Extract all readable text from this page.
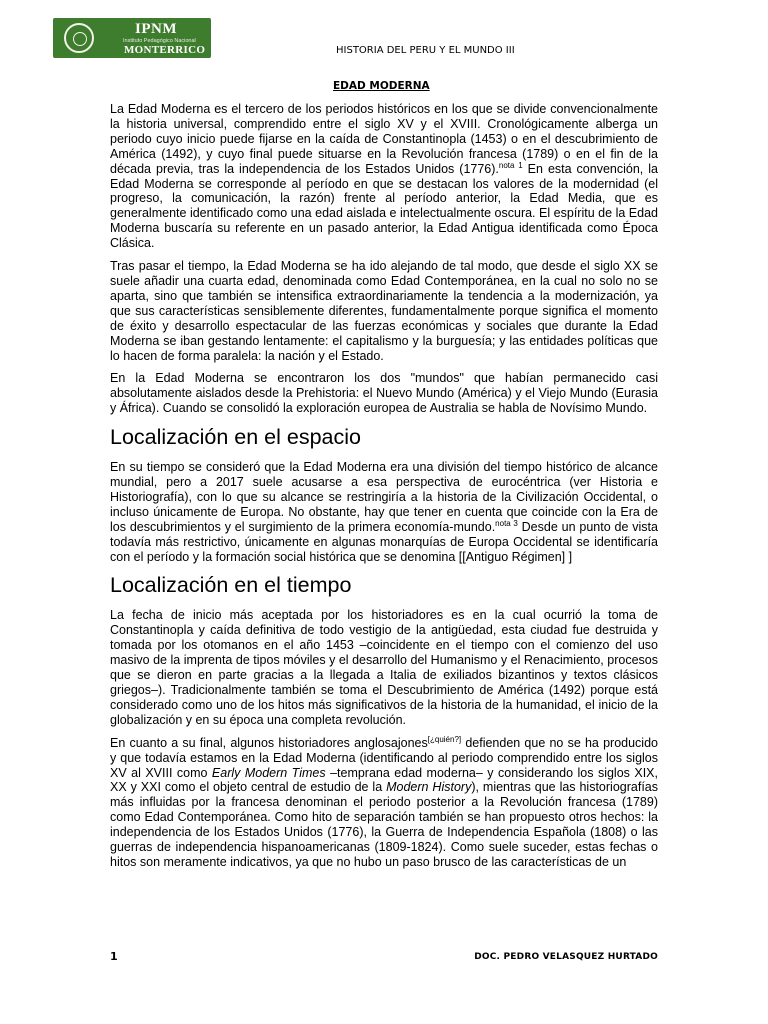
IPNM
Instituto Pedagógico Nacional
MONTERRICO	HISTORIA DEL PERU Y EL MUNDO III
EDAD MODERNA

La Edad Moderna es el tercero de los periodos históricos en los que se divide convencionalmente la historia universal, comprendido entre el siglo XV y el XVIII. Cronológicamente alberga un periodo cuyo inicio puede fijarse en la caída de Constantinopla (1453) o en el descubrimiento de América (1492), y cuyo final puede situarse en la Revolución francesa (1789) o en el fin de la década previa, tras la independencia de los Estados Unidos (1776).$^{nota 1}$ En esta convención, la Edad Moderna se corresponde al período en que se destacan los valores de la modernidad (el progreso, la comunicación, la razón) frente al período anterior, la Edad Media, que es generalmente identificado como una edad aislada e intelectualmente oscura. El espíritu de la Edad Moderna buscaría su referente en un pasado anterior, la Edad Antigua identificada como Época Clásica.

Tras pasar el tiempo, la Edad Moderna se ha ido alejando de tal modo, que desde el siglo XX se suele añadir una cuarta edad, denominada como Edad Contemporánea, en la cual no solo no se aparta, sino que también se intensifica extraordinariamente la tendencia a la modernización, ya que sus características sensiblemente diferentes, fundamentalmente porque significa el momento de éxito y desarrollo espectacular de las fuerzas económicas y sociales que durante la Edad Moderna se iban gestando lentamente: el capitalismo y la burguesía; y las entidades políticas que lo hacen de forma paralela: la nación y el Estado.

En la Edad Moderna se encontraron los dos "mundos" que habían permanecido casi absolutamente aislados desde la Prehistoria: el Nuevo Mundo (América) y el Viejo Mundo (Eurasia y África). Cuando se consolidó la exploración europea de Australia se habla de Novísimo Mundo.

Localización en el espacio

En su tiempo se consideró que la Edad Moderna era una división del tiempo histórico de alcance mundial, pero a 2017 suele acusarse a esa perspectiva de eurocéntrica (ver Historia e Historiografía), con lo que su alcance se restringiría a la historia de la Civilización Occidental, o incluso únicamente de Europa. No obstante, hay que tener en cuenta que coincide con la Era de los descubrimientos y el surgimiento de la primera economía-mundo.$^{nota 3}$ Desde un punto de vista todavía más restrictivo, únicamente en algunas monarquías de Europa Occidental se identificaría con el período y la formación social histórica que se denomina [[Antiguo Régimen] ]

Localización en el tiempo

La fecha de inicio más aceptada por los historiadores es en la cual ocurrió la toma de Constantinopla y caída definitiva de todo vestigio de la antigüedad, esta ciudad fue destruida y tomada por los otomanos en el año 1453 –coincidente en el tiempo con el comienzo del uso masivo de la imprenta de tipos móviles y el desarrollo del Humanismo y el Renacimiento, procesos que se dieron en parte gracias a la llegada a Italia de exiliados bizantinos y textos clásicos griegos–). Tradicionalmente también se toma el Descubrimiento de América (1492) porque está considerado como uno de los hitos más significativos de la historia de la humanidad, el inicio de la globalización y en su época una completa revolución.

En cuanto a su final, algunos historiadores anglosajones[¿quién?] defienden que no se ha producido y que todavía estamos en la Edad Moderna (identificando al periodo comprendido entre los siglos XV al XVIII como Early Modern Times –temprana edad moderna– y considerando los siglos XIX, XX y XXI como el objeto central de estudio de la Modern History), mientras que las historiografías más influidas por la francesa denominan el periodo posterior a la Revolución francesa (1789) como Edad Contemporánea. Como hito de separación también se han propuesto otros hechos: la independencia de los Estados Unidos (1776), la Guerra de Independencia Española (1808) o las guerras de independencia hispanoamericanas (1809-1824). Como suele suceder, estas fechas o hitos son meramente indicativos, ya que no hubo un paso brusco de las características de un

1	DOC. PEDRO VELASQUEZ HURTADO
